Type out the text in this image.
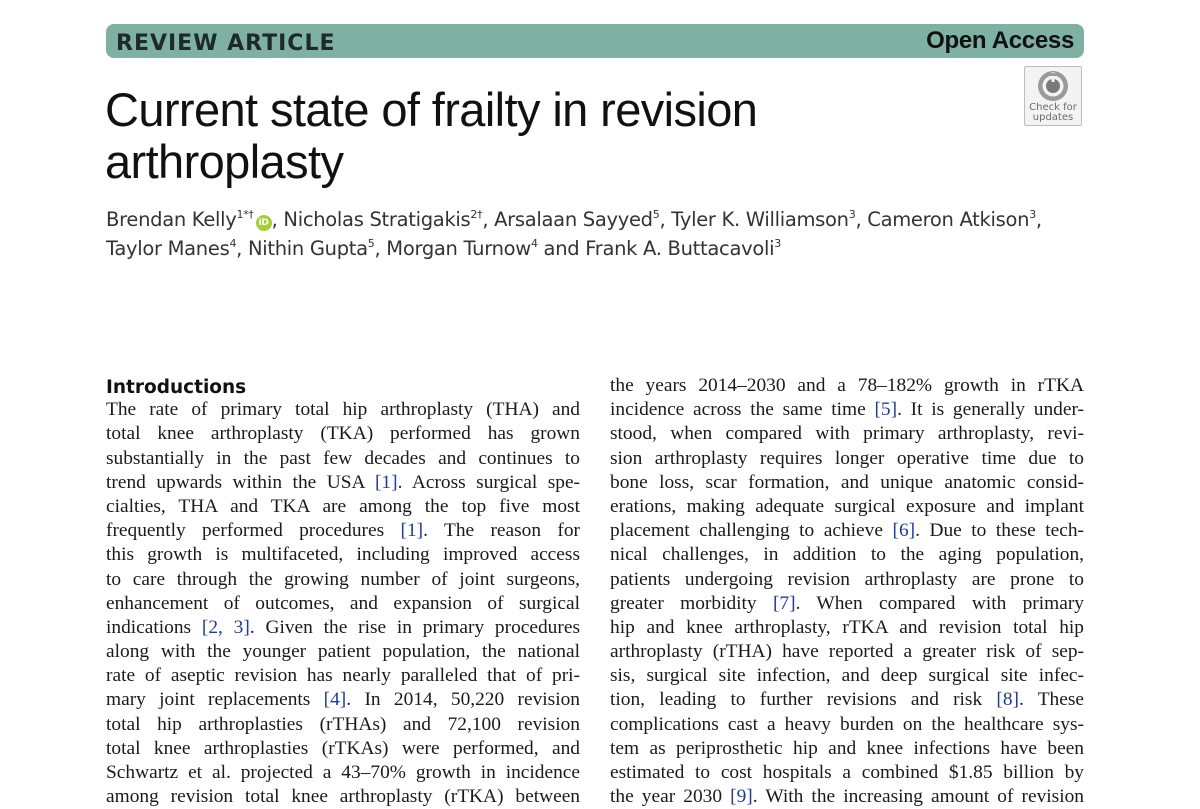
REVIEW ARTICLE	Open Access
Check for
updates
Current state of frailty in revision
arthroplasty
Brendan Kelly$^{1*\dagger}$iD , Nicholas Stratigakis$^{2\dagger}$, Arsalaan Sayyed$^5$, Tyler K. Williamson$^3$, Cameron Atkison$^3$,
Taylor Manes$^4$, Nithin Gupta$^5$, Morgan Turnow$^4$ and Frank A. Buttacavoli$^3$
Introductions
The rate of primary total hip arthroplasty (THA) and
total knee arthroplasty (TKA) performed has grown
substantially in the past few decades and continues to
trend upwards within the USA [1]. Across surgical spe-
cialties, THA and TKA are among the top five most
frequently performed procedures [1]. The reason for
this growth is multifaceted, including improved access
to care through the growing number of joint surgeons,
enhancement of outcomes, and expansion of surgical
indications [2, 3]. Given the rise in primary procedures
along with the younger patient population, the national
rate of aseptic revision has nearly paralleled that of pri-
mary joint replacements [4]. In 2014, 50,220 revision
total hip arthroplasties (rTHAs) and 72,100 revision
total knee arthroplasties (rTKAs) were performed, and
Schwartz et al. projected a 43–70% growth in incidence
among revision total knee arthroplasty (rTKA) between
the years 2014–2030 and a 78–182% growth in rTKA
incidence across the same time [5]. It is generally under-
stood, when compared with primary arthroplasty, revi-
sion arthroplasty requires longer operative time due to
bone loss, scar formation, and unique anatomic consid-
erations, making adequate surgical exposure and implant
placement challenging to achieve [6]. Due to these tech-
nical challenges, in addition to the aging population,
patients undergoing revision arthroplasty are prone to
greater morbidity [7]. When compared with primary
hip and knee arthroplasty, rTKA and revision total hip
arthroplasty (rTHA) have reported a greater risk of sep-
sis, surgical site infection, and deep surgical site infec-
tion, leading to further revisions and risk [8]. These
complications cast a heavy burden on the healthcare sys-
tem as periprosthetic hip and knee infections have been
estimated to cost hospitals a combined $1.85 billion by
the year 2030 [9]. With the increasing amount of revision
